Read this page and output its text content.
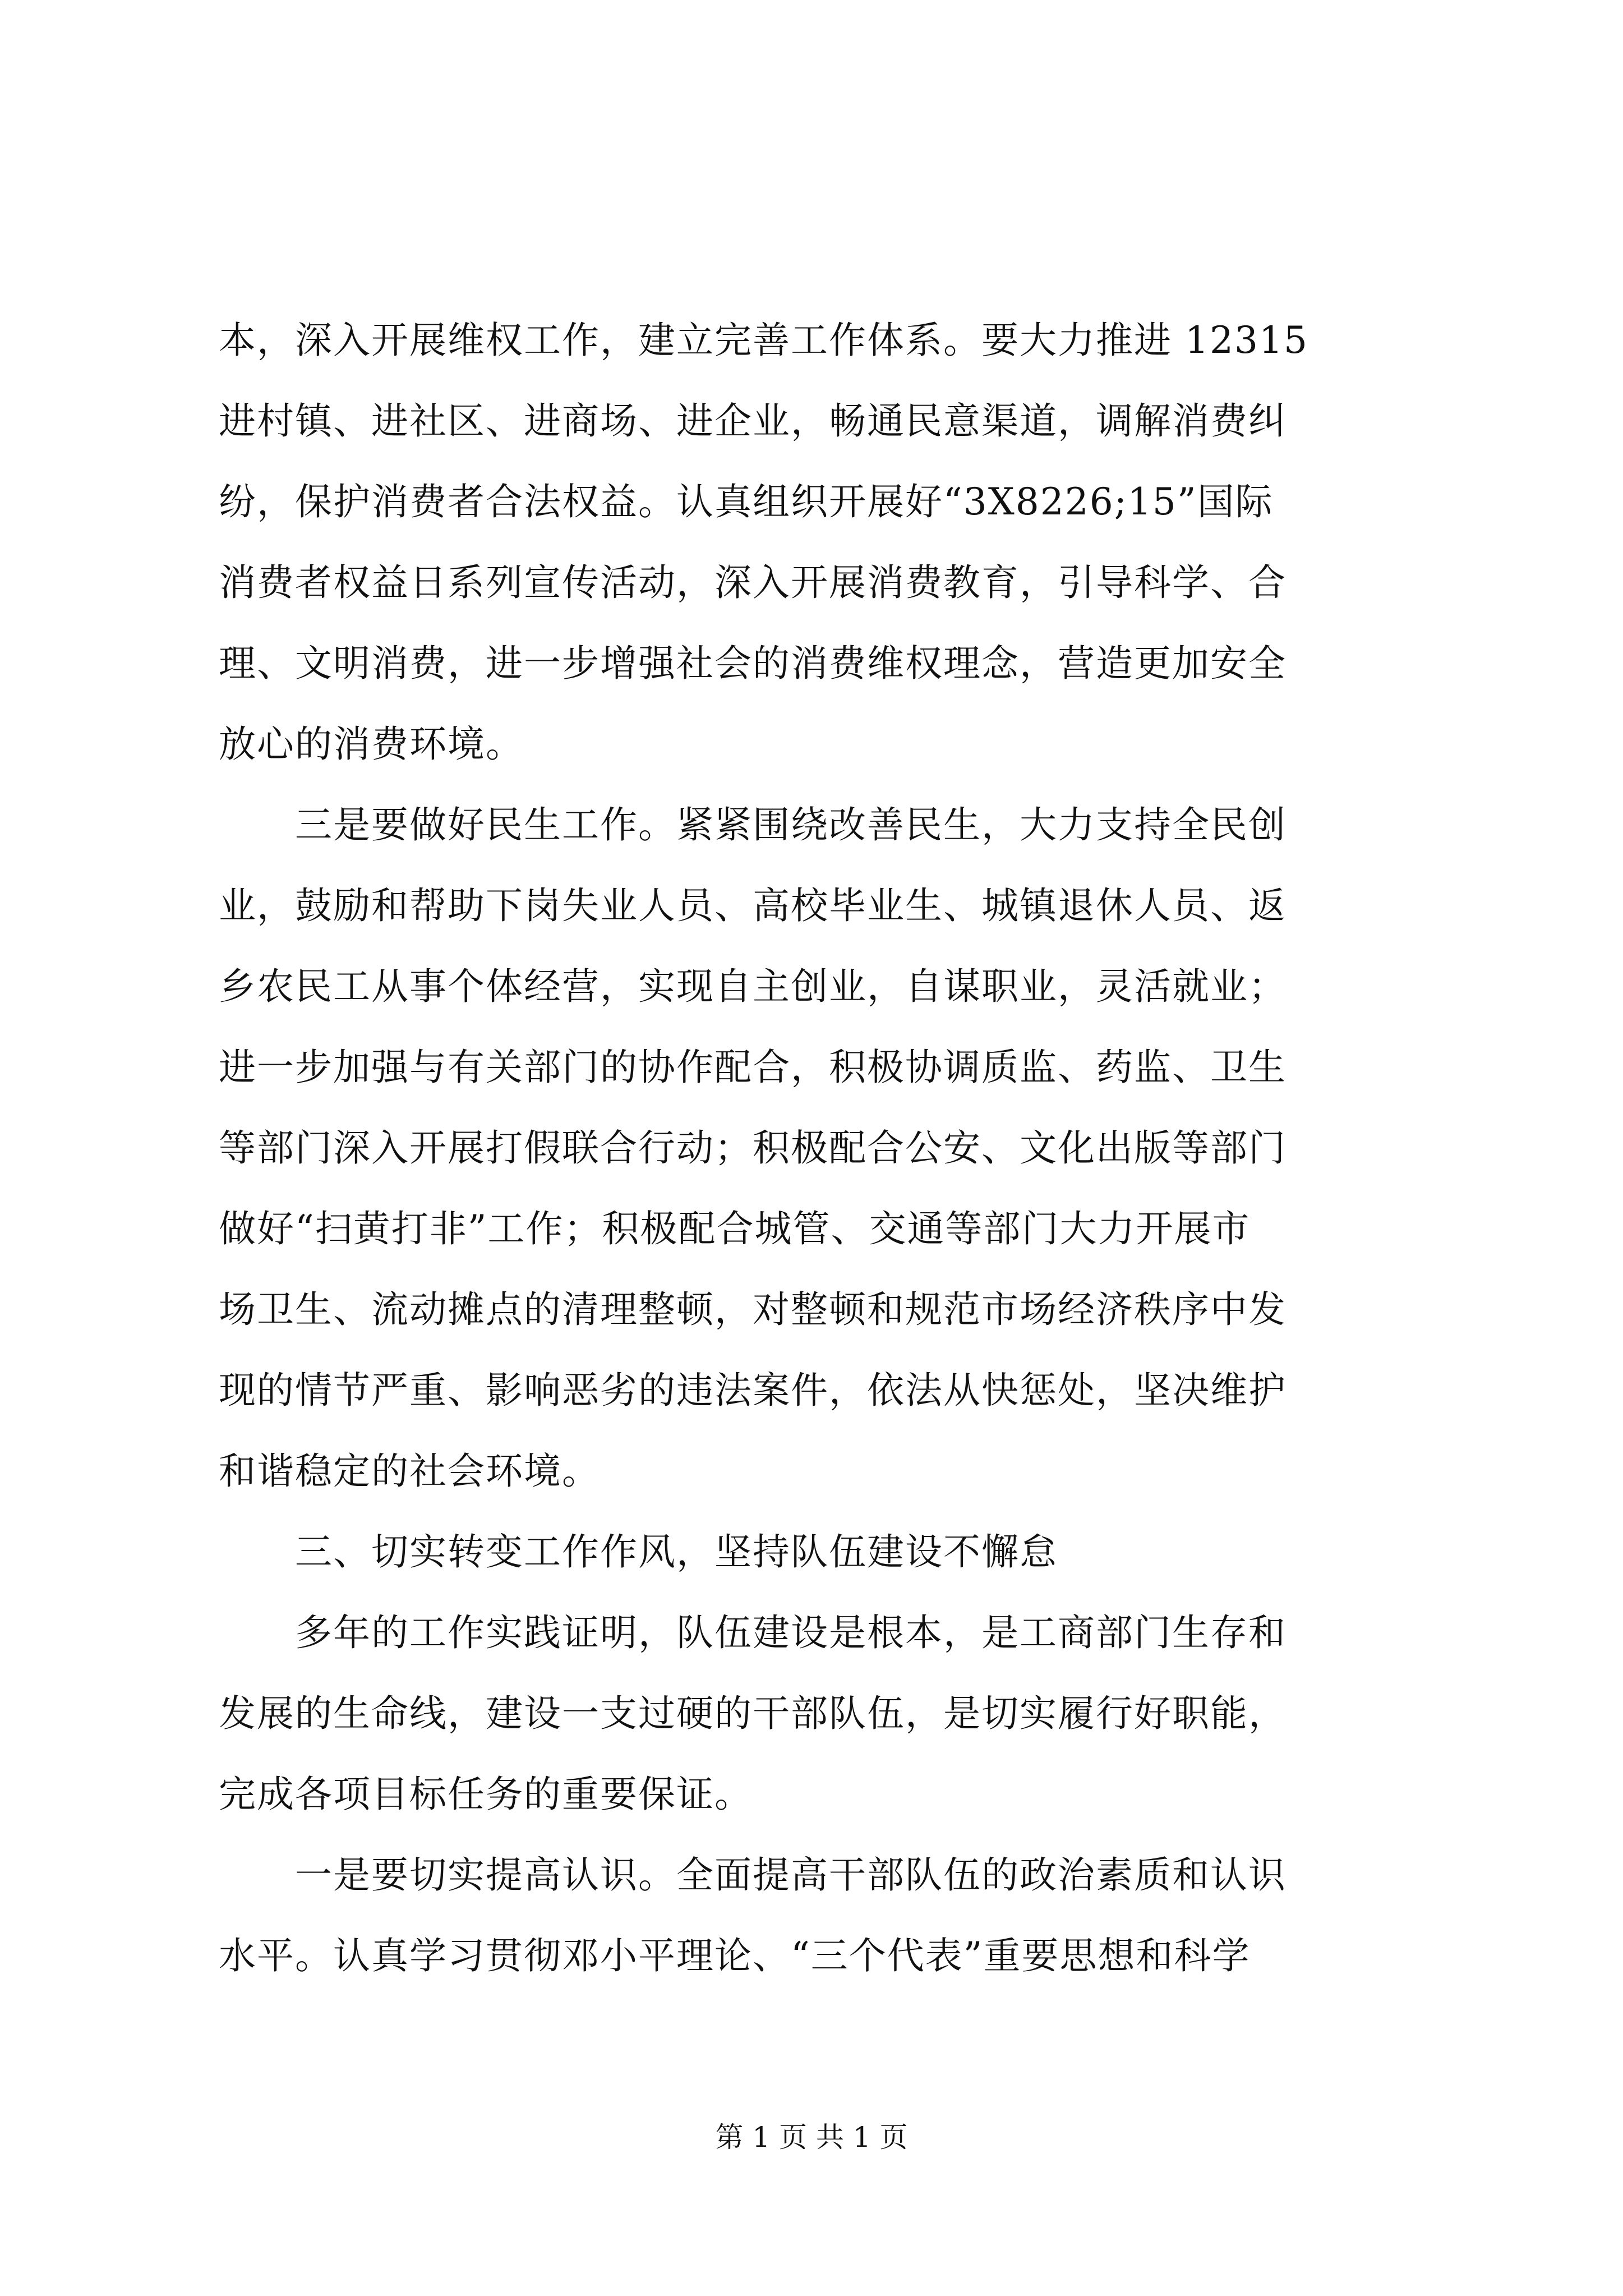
本，深入开展维权工作，建立完善工作体系。要大力推进 12315
进村镇、进社区、进商场、进企业，畅通民意渠道，调解消费纠
纷，保护消费者合法权益。认真组织开展好“3X8226;15”国际
消费者权益日系列宣传活动，深入开展消费教育，引导科学、合
理、文明消费，进一步增强社会的消费维权理念，营造更加安全
放心的消费环境。
　　三是要做好民生工作。紧紧围绕改善民生，大力支持全民创
业，鼓励和帮助下岗失业人员、高校毕业生、城镇退休人员、返
乡农民工从事个体经营，实现自主创业，自谋职业，灵活就业；
进一步加强与有关部门的协作配合，积极协调质监、药监、卫生
等部门深入开展打假联合行动；积极配合公安、文化出版等部门
做好“扫黄打非”工作；积极配合城管、交通等部门大力开展市
场卫生、流动摊点的清理整顿，对整顿和规范市场经济秩序中发
现的情节严重、影响恶劣的违法案件，依法从快惩处，坚决维护
和谐稳定的社会环境。
　　三、切实转变工作作风，坚持队伍建设不懈怠
　　多年的工作实践证明，队伍建设是根本，是工商部门生存和
发展的生命线，建设一支过硬的干部队伍，是切实履行好职能，
完成各项目标任务的重要保证。
　　一是要切实提高认识。全面提高干部队伍的政治素质和认识
水平。认真学习贯彻邓小平理论、“三个代表”重要思想和科学
第 1 页 共 1 页
